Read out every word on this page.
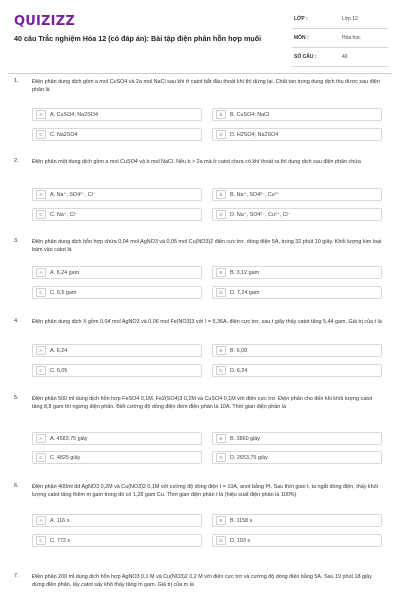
QUIZIZZ
40 câu Trắc nghiệm Hóa 12 (có đáp án): Bài tập điện phân hỗn hợp muối
LỚP :	Lớp 12
MÔN :	Hóa học
SỐ CÂU :	40
1. Điện phân dung dịch gồm a mol CuSO4 và 2a mol NaCl sau khi ở catot bắt đầu thoát khí thì dừng lại. Chất tan trong dung dịch thu được sau điện phân là
A	A. CuSO4; Na2SO4	B	B. CuSO4; NaCl
C	C. Na2SO4	D	D. H2SO4; Na2SO4
2. Điện phân một dung dịch gồm a mol CuSO4 và b mol NaCl. Nếu b > 2a mà ở catot chưa có khí thoát ra thì dung dịch sau điện phân chứa
A	A. Na⁺, SO4²⁻, Cl⁻	B	B. Na⁺, SO4²⁻, Cu²⁺
C	C. Na⁺, Cl⁻	D	D. Na⁺, SO4²⁻, Cu²⁺, Cl⁻
3. Điện phân dung dịch hỗn hợp chứa 0,04 mol AgNO3 và 0,05 mol Cu(NO3)2 điện cực trơ, dòng điện 5A, trong 32 phút 10 giây. Khối lượng kim loại bám vào catot là
A	A. 6,24 gam	B	B. 3,12 gam
C	C. 6,5 gam	D	D. 7,24 gam
4. Điện phân dung dịch X gồm 0,04 mol AgNO3 và 0,06 mol Fe(NO3)3 với I = 5,36A, điện cực trơ, sau t giây thấy catot tăng 5,44 gam. Giá trị của t là
A	A. 6,24	B	B. 6,08
C	C. 6,05	D	D. 6,24
5. Điện phân 500 ml dung dịch hỗn hợp FeSO4 0,1M, Fe2(SO4)3 0,2M và CuSO4 0,1M với điện cực trơ. Điện phân cho đến khi khối lượng catot tăng 8,8 gam thì ngừng điện phân. Biết cường độ dòng điện đem điện phân là 10A. Thời gian điện phân là
A	A. 4583,75 giây	B	B. 3860 giây
C	C. 4825 giây	D	D. 2653,75 giây
6. Điện phân 400ml dd AgNO3 0,2M và Cu(NO3)2 0,1M với cường độ dòng điện I = 10A, anot bằng Pt. Sau thời gian t, ta ngắt dòng điện, thấy khối lượng catot tăng thêm m gam trong đó có 1,28 gam Cu. Thời gian điện phân t là (hiệu suất điện phân là 100%)
A	A. 116 s	B	B. 1158 s
C	C. 772 s	D	D. 193 s
7. Điện phân 200 ml dung dịch hỗn hợp AgNO3 0,1 M và Cu(NO3)2 0,2 M với điện cực trơ và cường độ dòng điện bằng 5A. Sau 19 phút 18 giây dừng điện phân, lấy catot sấy khô thấy tăng m gam. Giá trị của m là
